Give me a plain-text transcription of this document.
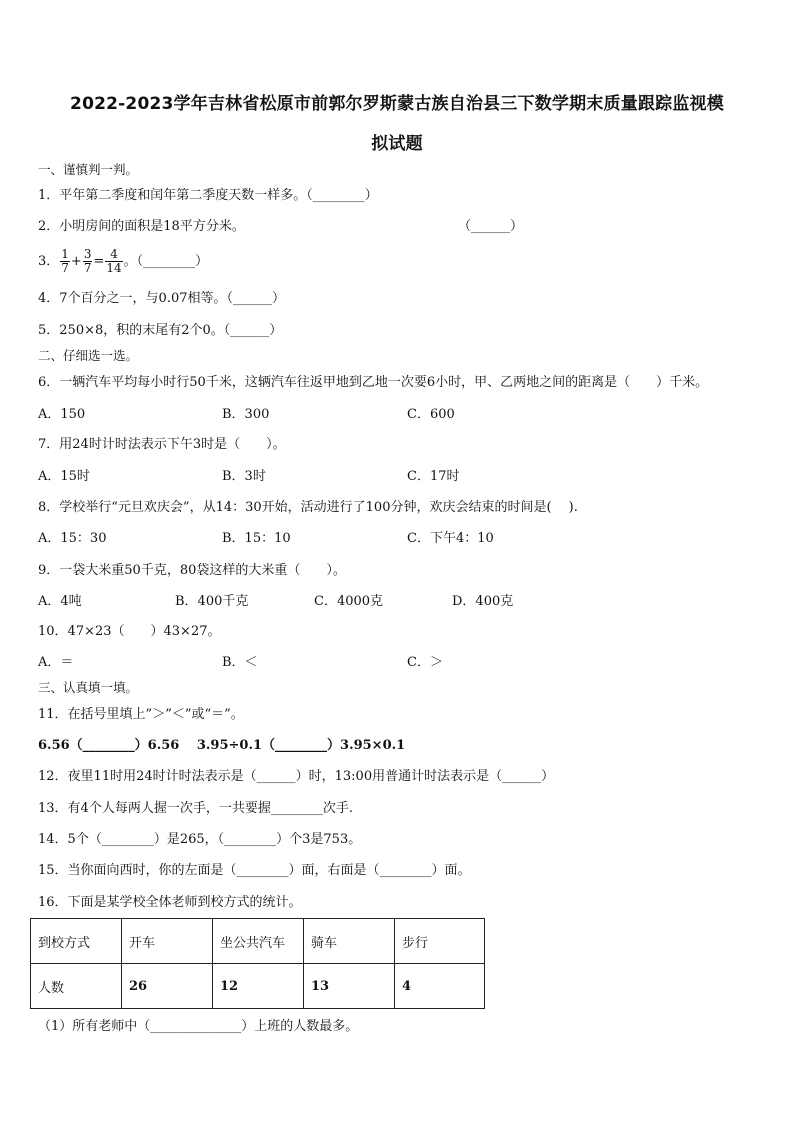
2022-2023学年吉林省松原市前郭尔罗斯蒙古族自治县三下数学期末质量跟踪监视模
拟试题
一、谨慎判一判。
1．平年第二季度和闰年第二季度天数一样多。（________）
2．小明房间的面积是18平方分米。	（______）
3． $\frac{1}{7} + \frac{3}{7} = \frac{4}{14}$ 。（________）
4．7个百分之一，与0.07相等。（______）
5．250×8，积的末尾有2个0。（______）
二、仔细选一选。
6．一辆汽车平均每小时行50千米，这辆汽车往返甲地到乙地一次要6小时，甲、乙两地之间的距离是（　　）千米。
A．150	B．300	C．600
7．用24时计时法表示下午3时是（　　）。
A．15时	B．3时	C．17时
8．学校举行“元旦欢庆会”，从14：30开始，活动进行了100分钟，欢庆会结束的时间是(　 ).
A．15：30	B．15：10	C．下午4：10
9．一袋大米重50千克，80袋这样的大米重（　　）。
A．4吨	B．400千克	C．4000克	D．400克
10．47×23（　　）43×27。
A．＝	B．＜	C．＞
三、认真填一填。
11．在括号里填上”＞”＜”或“＝”。
6.56（________）6.56　 3.95÷0.1（________）3.95×0.1
12．夜里11时用24时计时法表示是（______）时，13:00用普通计时法表示是（______）
13．有4个人每两人握一次手，一共要握________次手.
14．5个（________）是265，（________）个3是753。
15．当你面向西时，你的左面是（________）面，右面是（________）面。
16．下面是某学校全体老师到校方式的统计。
到校方式	开车	坐公共汽车	骑车	步行
人数	26	12	13	4
（1）所有老师中（______________）上班的人数最多。
